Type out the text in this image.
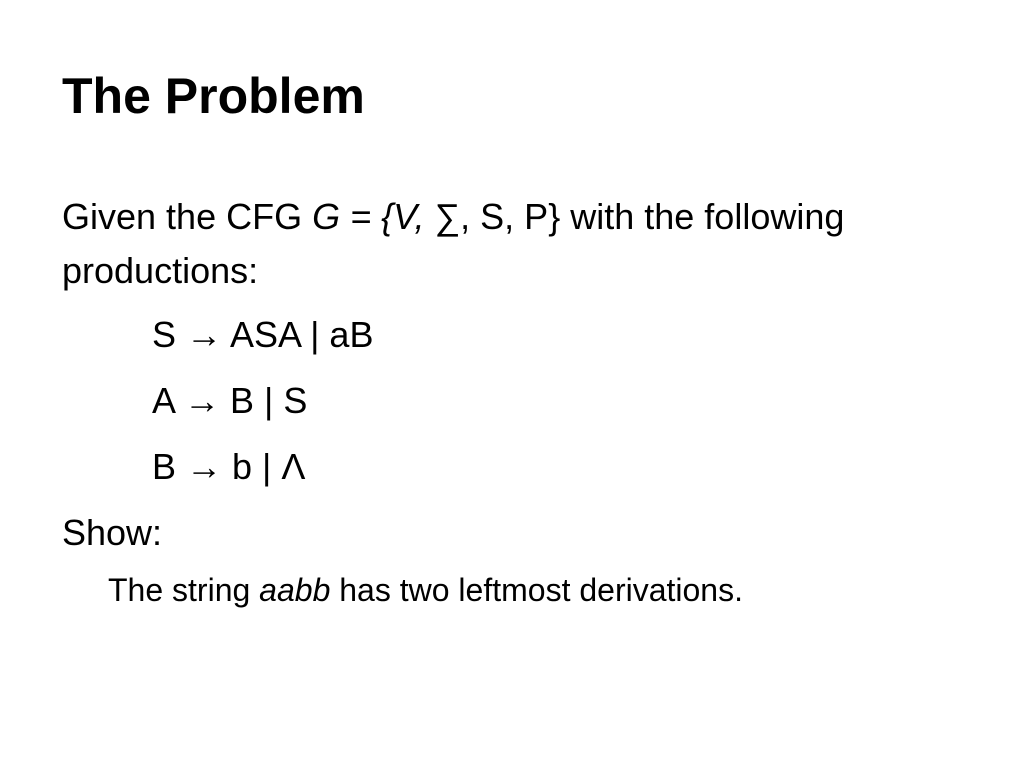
The Problem
Given the CFG G = {V, ∑, S, P} with the following
productions:
S → ASA | aB
A → B | S
B → b | Λ
Show:
The string aabb has two leftmost derivations.
